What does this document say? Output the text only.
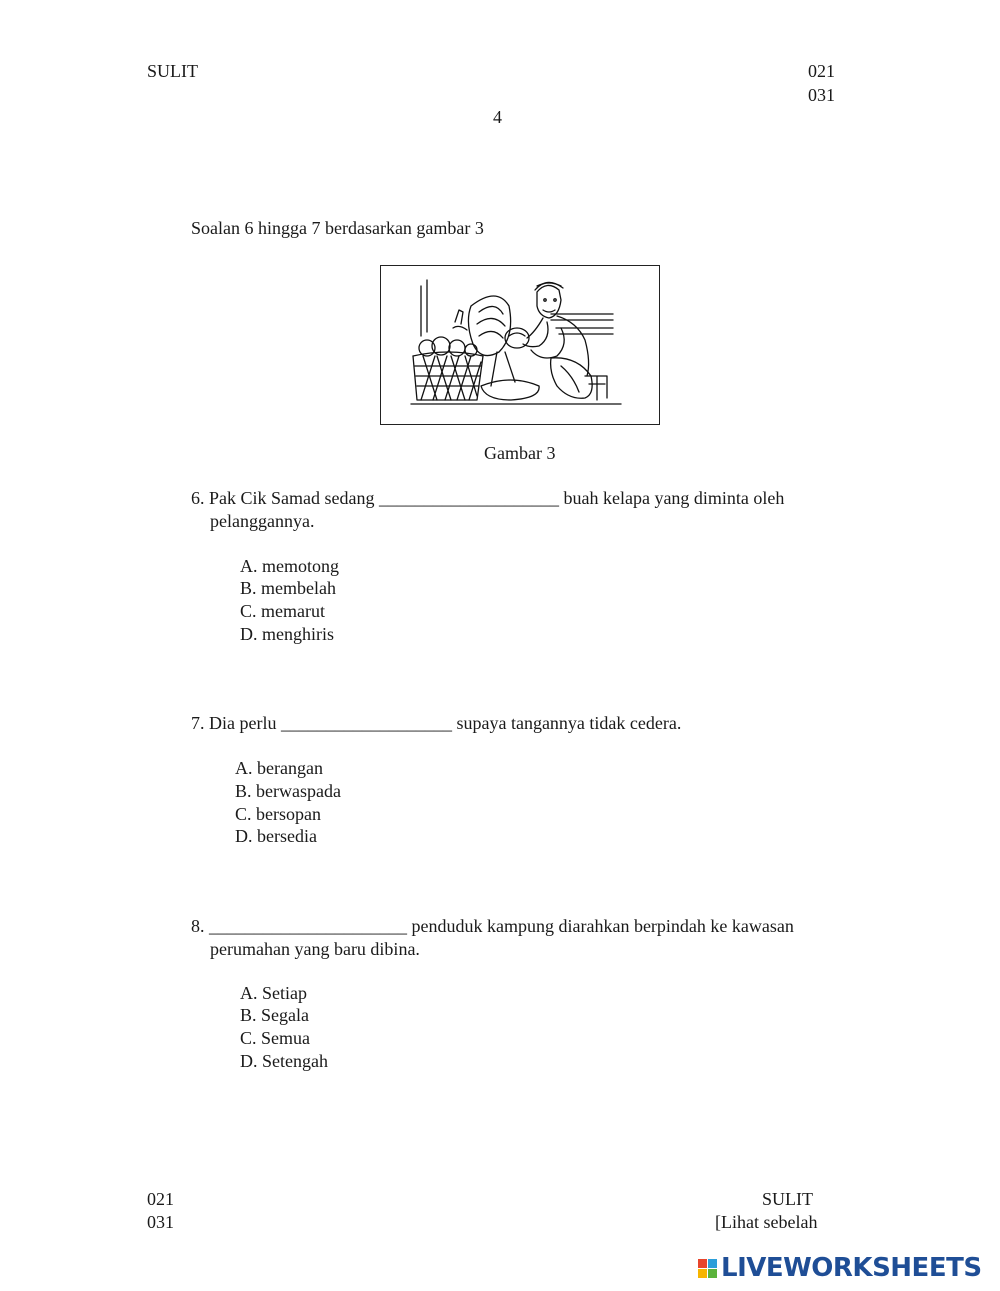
SULIT	021
031
4
Soalan 6 hingga 7 berdasarkan gambar 3
Gambar 3
6. Pak Cik Samad sedang ____________________ buah kelapa yang diminta oleh
pelanggannya.
A. memotong
B. membelah
C. memarut
D. menghiris
7. Dia perlu ___________________ supaya tangannya tidak cedera.
A. berangan
B. berwaspada
C. bersopan
D. bersedia
8. ______________________ penduduk kampung diarahkan berpindah ke kawasan
perumahan yang baru dibina.
A. Setiap
B. Segala
C. Semua
D. Setengah
021
031
SULIT
[Lihat sebelah
LIVEWORKSHEETS
